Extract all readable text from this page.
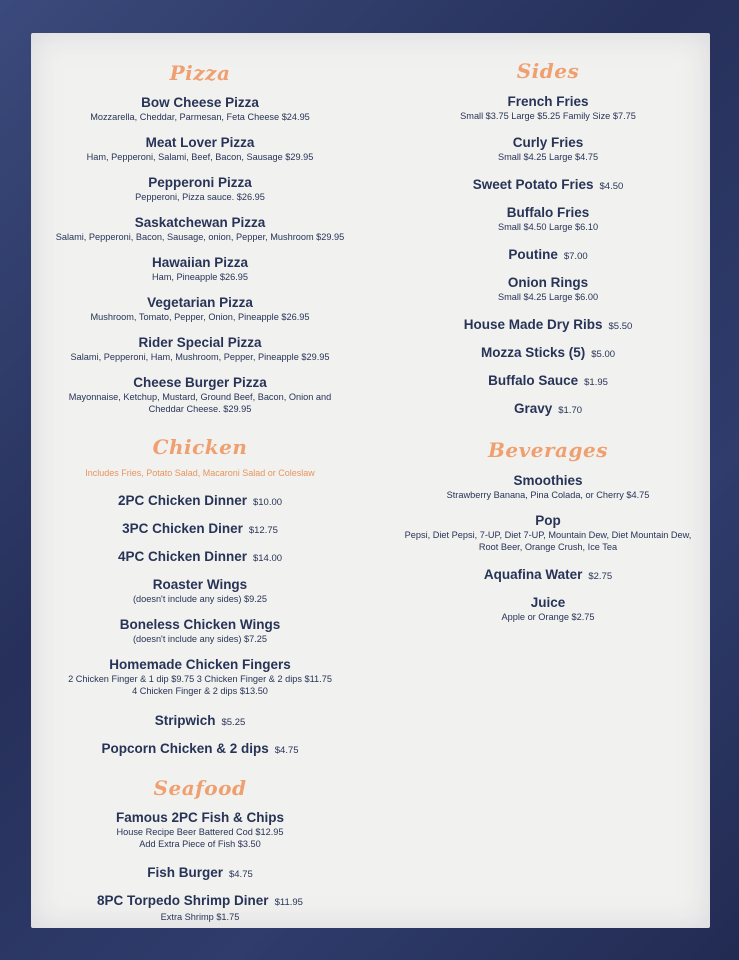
Pizza
Bow Cheese Pizza
Mozzarella, Cheddar, Parmesan, Feta Cheese $24.95
Meat Lover Pizza
Ham, Pepperoni, Salami, Beef, Bacon, Sausage $29.95
Pepperoni Pizza
Pepperoni, Pizza sauce. $26.95
Saskatchewan Pizza
Salami, Pepperoni, Bacon, Sausage, onion, Pepper, Mushroom $29.95
Hawaiian Pizza
Ham, Pineapple $26.95
Vegetarian Pizza
Mushroom, Tomato, Pepper, Onion, Pineapple $26.95
Rider Special Pizza
Salami, Pepperoni, Ham, Mushroom, Pepper, Pineapple $29.95
Cheese Burger Pizza
Mayonnaise, Ketchup, Mustard, Ground Beef, Bacon, Onion and
Cheddar Cheese. $29.95
Chicken
Includes Fries, Potato Salad, Macaroni Salad or Coleslaw
2PC Chicken Dinner $10.00
3PC Chicken Diner $12.75
4PC Chicken Dinner $14.00
Roaster Wings
(doesn't include any sides) $9.25
Boneless Chicken Wings
(doesn't include any sides) $7.25
Homemade Chicken Fingers
2 Chicken Finger & 1 dip $9.75 3 Chicken Finger & 2 dips $11.75
4 Chicken Finger & 2 dips $13.50
Stripwich $5.25
Popcorn Chicken & 2 dips $4.75
Seafood
Famous 2PC Fish & Chips
House Recipe Beer Battered Cod $12.95
Add Extra Piece of Fish $3.50
Fish Burger $4.75
8PC Torpedo Shrimp Diner $11.95
Extra Shrimp $1.75
Sides
French Fries
Small $3.75 Large $5.25 Family Size $7.75
Curly Fries
Small $4.25 Large $4.75
Sweet Potato Fries $4.50
Buffalo Fries
Small $4.50 Large $6.10
Poutine $7.00
Onion Rings
Small $4.25 Large $6.00
House Made Dry Ribs $5.50
Mozza Sticks (5) $5.00
Buffalo Sauce $1.95
Gravy $1.70
Beverages
Smoothies
Strawberry Banana, Pina Colada, or Cherry $4.75
Pop
Pepsi, Diet Pepsi, 7-UP, Diet 7-UP, Mountain Dew, Diet Mountain Dew,
Root Beer, Orange Crush, Ice Tea
Aquafina Water $2.75
Juice
Apple or Orange $2.75
